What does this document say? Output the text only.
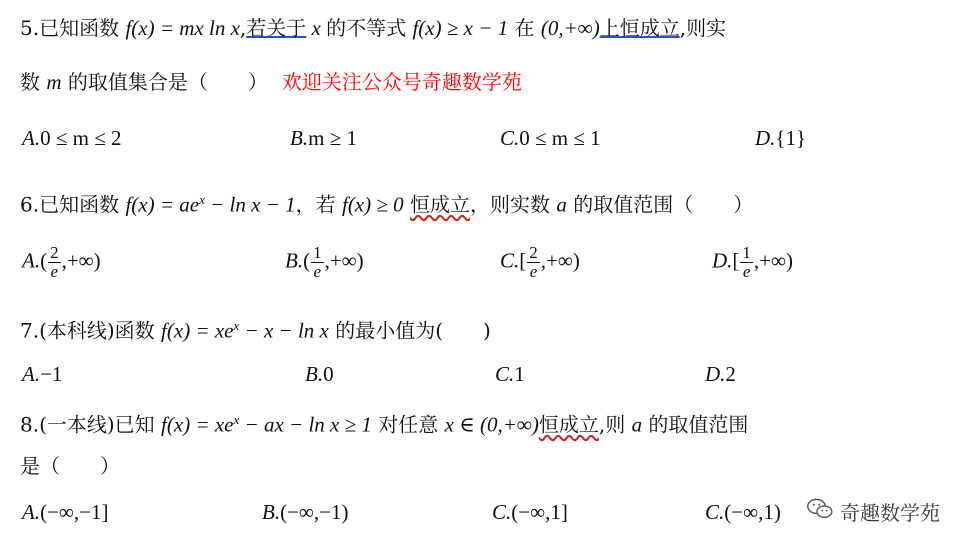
5.已知函数 f(x) = mx ln x,若关于 x 的不等式 f(x) ≥ x − 1 在 (0,+∞)上恒成立,则实
数 m 的取值集合是（　　） 欢迎关注公众号奇趣数学苑
A.0 ≤ m ≤ 2	B.m ≥ 1	C.0 ≤ m ≤ 1	D.{1}
6.已知函数 $f(x) = ae^x - \ln x - 1$，若 f(x) ≥ 0 恒成立，则实数 a 的取值范围（　　）
$A.( \frac{2}{e}$ ,+∞)	$B.( \frac{1}{e}$ ,+∞)	$C.[ \frac{2}{e}$ ,+∞)	$D.[ \frac{1}{e}$ ,+∞)
7.(本科线)函数 $f(x) = xe^x - x - \ln x$ 的最小值为(　　)
A.−1	B.0	C.1	D.2
8.(一本线)已知 $f(x) = xe^x$ − ax − ln x ≥ 1 对任意 x ∈ (0,+∞)恒成立,则 a 的取值范围
是（　　）
A.(−∞,−1]	B.(−∞,−1)	C.(−∞,1]	C.(−∞,1)	奇趣数学苑
